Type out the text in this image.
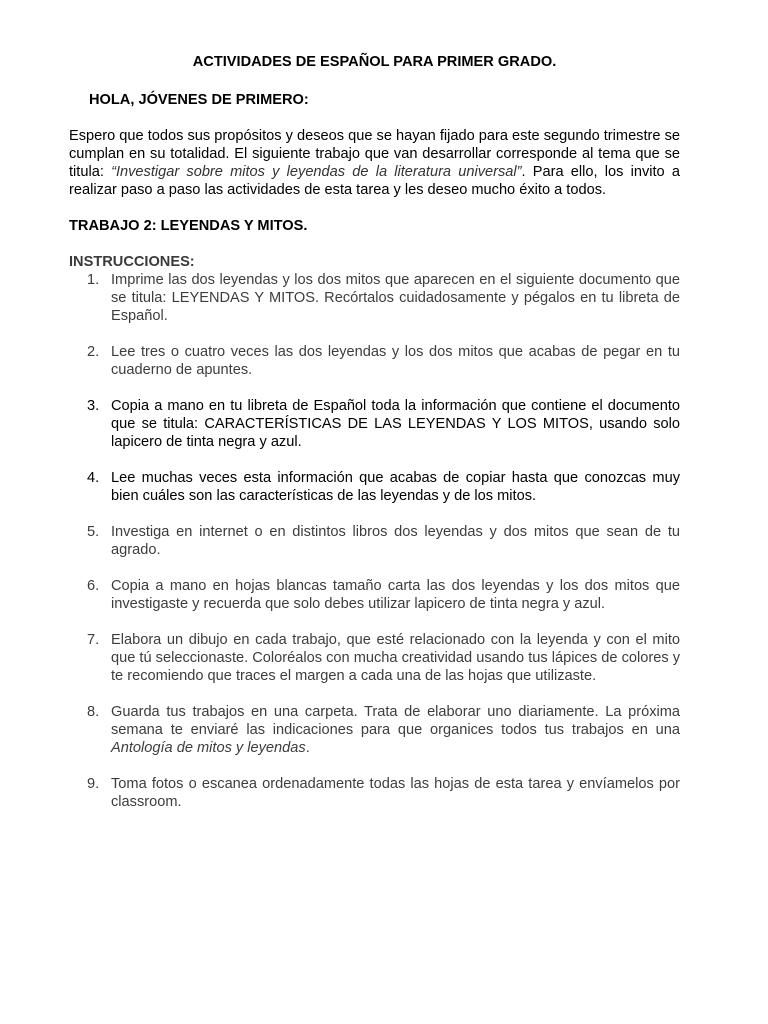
ACTIVIDADES DE ESPAÑOL PARA PRIMER GRADO.
HOLA, JÓVENES DE PRIMERO:

Espero que todos sus propósitos y deseos que se hayan fijado para este segundo trimestre se cumplan en su totalidad. El siguiente trabajo que van desarrollar corresponde al tema que se titula: “Investigar sobre mitos y leyendas de la literatura universal”. Para ello, los invito a realizar paso a paso las actividades de esta tarea y les deseo mucho éxito a todos.

TRABAJO 2: LEYENDAS Y MITOS.
INSTRUCCIONES:
1. Imprime las dos leyendas y los dos mitos que aparecen en el siguiente documento que se titula: LEYENDAS Y MITOS. Recórtalos cuidadosamente y pégalos en tu libreta de Español.
2. Lee tres o cuatro veces las dos leyendas y los dos mitos que acabas de pegar en tu cuaderno de apuntes.
3. Copia a mano en tu libreta de Español toda la información que contiene el documento que se titula: CARACTERÍSTICAS DE LAS LEYENDAS Y LOS MITOS, usando solo lapicero de tinta negra y azul.
4. Lee muchas veces esta información que acabas de copiar hasta que conozcas muy bien cuáles son las características de las leyendas y de los mitos.
5. Investiga en internet o en distintos libros dos leyendas y dos mitos que sean de tu agrado.
6. Copia a mano en hojas blancas tamaño carta las dos leyendas y los dos mitos que investigaste y recuerda que solo debes utilizar lapicero de tinta negra y azul.
7. Elabora un dibujo en cada trabajo, que esté relacionado con la leyenda y con el mito que tú seleccionaste. Coloréalos con mucha creatividad usando tus lápices de colores y te recomiendo que traces el margen a cada una de las hojas que utilizaste.
8. Guarda tus trabajos en una carpeta. Trata de elaborar uno diariamente. La próxima semana te enviaré las indicaciones para que organices todos tus trabajos en una Antología de mitos y leyendas.
9. Toma fotos o escanea ordenadamente todas las hojas de esta tarea y envíamelos por classroom.
